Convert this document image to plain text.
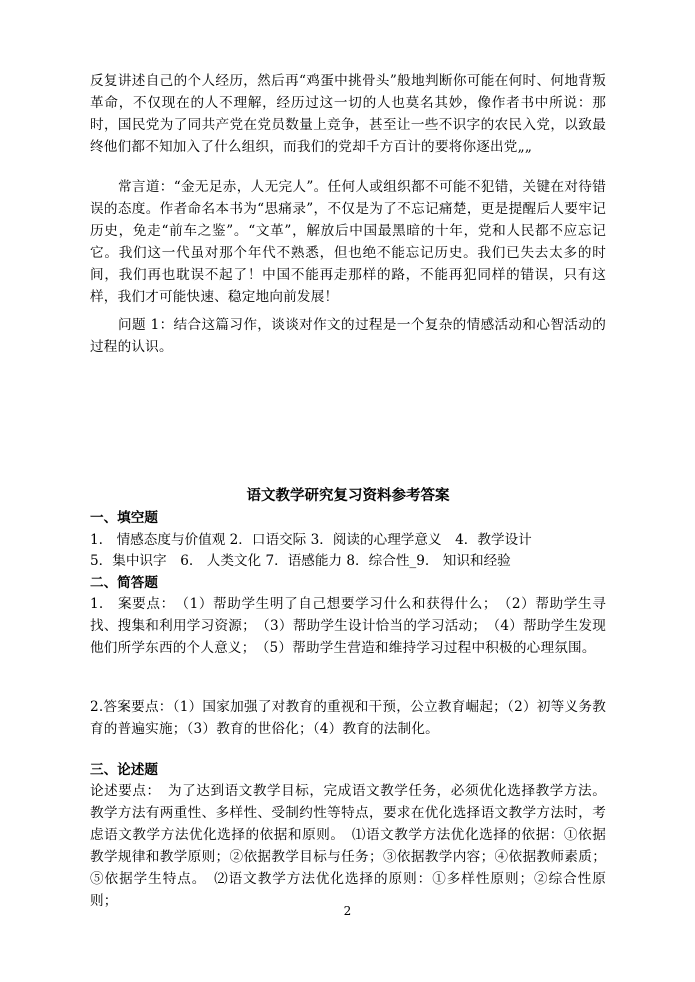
反复讲述自己的个人经历，然后再“鸡蛋中挑骨头”般地判断你可能在何时、何地背叛革命，不仅现在的人不理解，经历过这一切的人也莫名其妙，像作者书中所说：那时，国民党为了同共产党在党员数量上竞争，甚至让一些不识字的农民入党，以致最终他们都不知加入了什么组织，而我们的党却千方百计的要将你逐出党„„
常言道：“金无足赤，人无完人”。任何人或组织都不可能不犯错，关键在对待错误的态度。作者命名本书为“思痛录”，不仅是为了不忘记痛楚，更是提醒后人要牢记历史，免走“前车之鉴”。“文革”，解放后中国最黑暗的十年，党和人民都不应忘记它。我们这一代虽对那个年代不熟悉，但也绝不能忘记历史。我们已失去太多的时间，我们再也耽误不起了！中国不能再走那样的路，不能再犯同样的错误，只有这样，我们才可能快速、稳定地向前发展！
问题 1：结合这篇习作，谈谈对作文的过程是一个复杂的情感活动和心智活动的过程的认识。
语文教学研究复习资料参考答案
一、填空题
1.　情感态度与价值观 2．口语交际 3．阅读的心理学意义　4．教学设计
5．集中识字　6.　人类文化 7．语感能力 8．综合性_9.　知识和经验
二、简答题
1.　案要点：　（1）帮助学生明了自己想要学习什么和获得什么；　（2）帮助学生寻找、搜集和利用学习资源；　（3）帮助学生设计恰当的学习活动；　（4）帮助学生发现他们所学东西的个人意义；　（5）帮助学生营造和维持学习过程中积极的心理氛围。
2.答案要点：（1）国家加强了对教育的重视和干预，公立教育崛起；（2）初等义务教育的普遍实施；（3）教育的世俗化；（4）教育的法制化。
三、论述题
论述要点：　为了达到语文教学目标，完成语文教学任务，必须优化选择教学方法。教学方法有两重性、多样性、受制约性等特点，要求在优化选择语文教学方法时，考虑语文教学方法优化选择的依据和原则。　⑴语文教学方法优化选择的依据：①依据教学规律和教学原则；②依据教学目标与任务；③依据教学内容；④依据教师素质；⑤依据学生特点。　⑵语文教学方法优化选择的原则：①多样性原则；②综合性原则；
2
